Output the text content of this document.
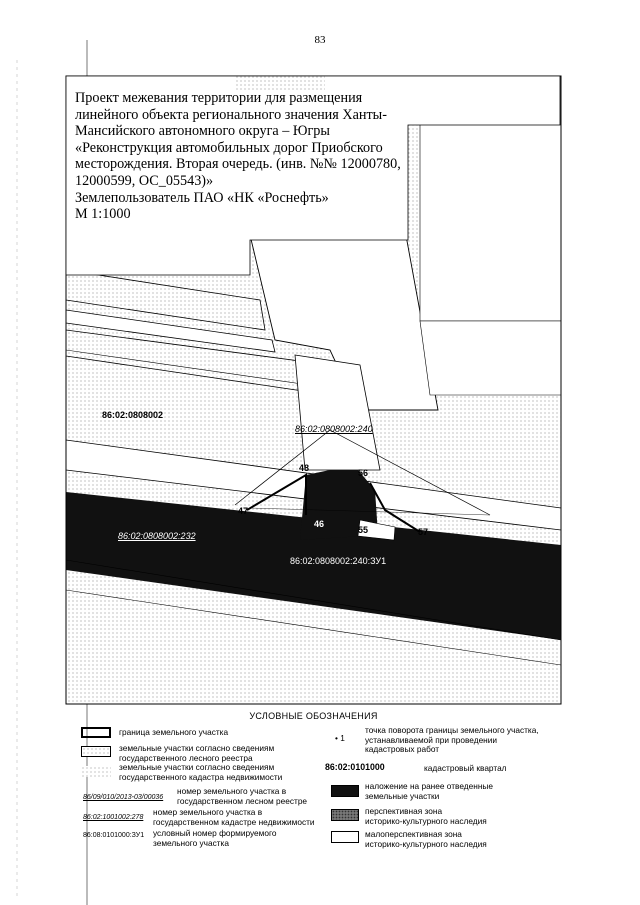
83
Проект межевания территории для размещения
линейного объекта регионального значения Ханты-
Мансийского автономного округа – Югры
«Реконструкция автомобильных дорог Приобского
месторождения. Вторая очередь. (инв. №№ 12000780,
12000599, ОС_05543)»
Землепользователь ПАО «НК «Роснефть»
М 1:1000
86:02:0808002
86:02:0808002:240
86:02:0808002:232
86:02:0808002:240:ЗУ1
47
48
46
55
56
57
УСЛОВНЫЕ ОБОЗНАЧЕНИЯ
граница земельного участка
земельные участки согласно сведениям
государственного лесного реестра
земельные участки согласно сведениям
государственного кадастра недвижимости
86/09/010/2013-03/00036
номер земельного участка в
государственном лесном реестре
86:02:1001002:278
номер земельного участка в
государственном кадастре недвижимости
86:08:0101000:ЗУ1 условный номер формируемого
земельного участка
• 1
точка поворота границы земельного участка,
устанавливаемой при проведении
кадастровых работ
86:02:0101000	кадастровый квартал
наложение на ранее отведенные
земельные участки
перспективная зона
историко-культурного наследия
малоперспективная зона
историко-культурного наследия
